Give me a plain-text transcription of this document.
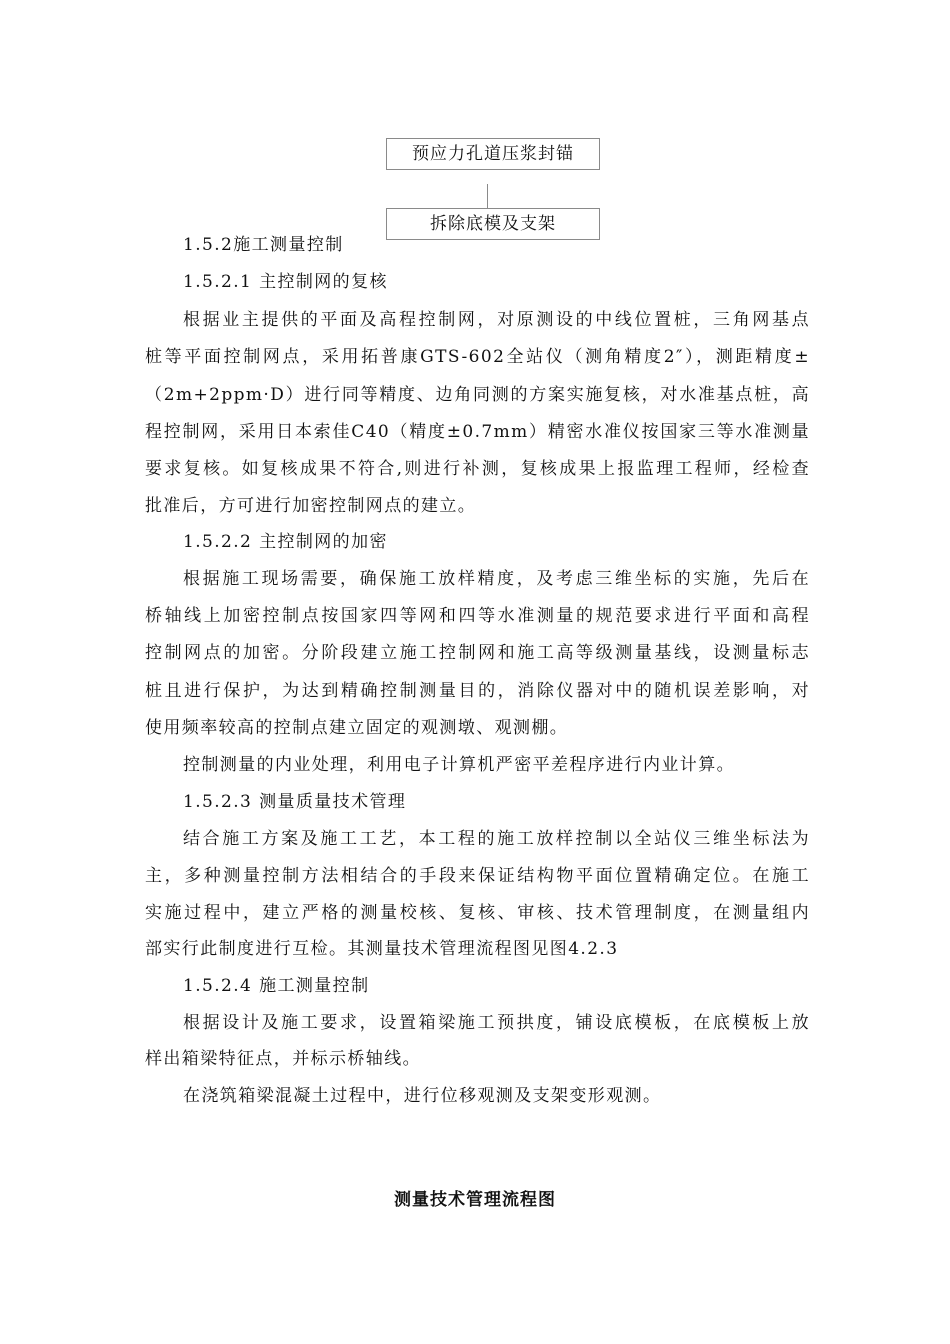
预应力孔道压浆封锚
拆除底模及支架
1.5.2施工测量控制
1.5.2.1 主控制网的复核
根据业主提供的平面及高程控制网，对原测设的中线位置桩，三角网基点
桩等平面控制网点，采用拓普康GTS-602全站仪（测角精度2″），测距精度±
（2m+2ppm·D）进行同等精度、边角同测的方案实施复核，对水准基点桩，高
程控制网，采用日本索佳C40（精度±0.7mm）精密水准仪按国家三等水准测量
要求复核。如复核成果不符合,则进行补测，复核成果上报监理工程师，经检查
批准后，方可进行加密控制网点的建立。
1.5.2.2 主控制网的加密
根据施工现场需要，确保施工放样精度，及考虑三维坐标的实施，先后在
桥轴线上加密控制点按国家四等网和四等水准测量的规范要求进行平面和高程
控制网点的加密。分阶段建立施工控制网和施工高等级测量基线，设测量标志
桩且进行保护，为达到精确控制测量目的，消除仪器对中的随机误差影响，对
使用频率较高的控制点建立固定的观测墩、观测棚。
控制测量的内业处理，利用电子计算机严密平差程序进行内业计算。
1.5.2.3 测量质量技术管理
结合施工方案及施工工艺，本工程的施工放样控制以全站仪三维坐标法为
主，多种测量控制方法相结合的手段来保证结构物平面位置精确定位。在施工
实施过程中，建立严格的测量校核、复核、审核、技术管理制度，在测量组内
部实行此制度进行互检。其测量技术管理流程图见图4.2.3
1.5.2.4 施工测量控制
根据设计及施工要求，设置箱梁施工预拱度，铺设底模板，在底模板上放
样出箱梁特征点，并标示桥轴线。
在浇筑箱梁混凝土过程中，进行位移观测及支架变形观测。
测量技术管理流程图
